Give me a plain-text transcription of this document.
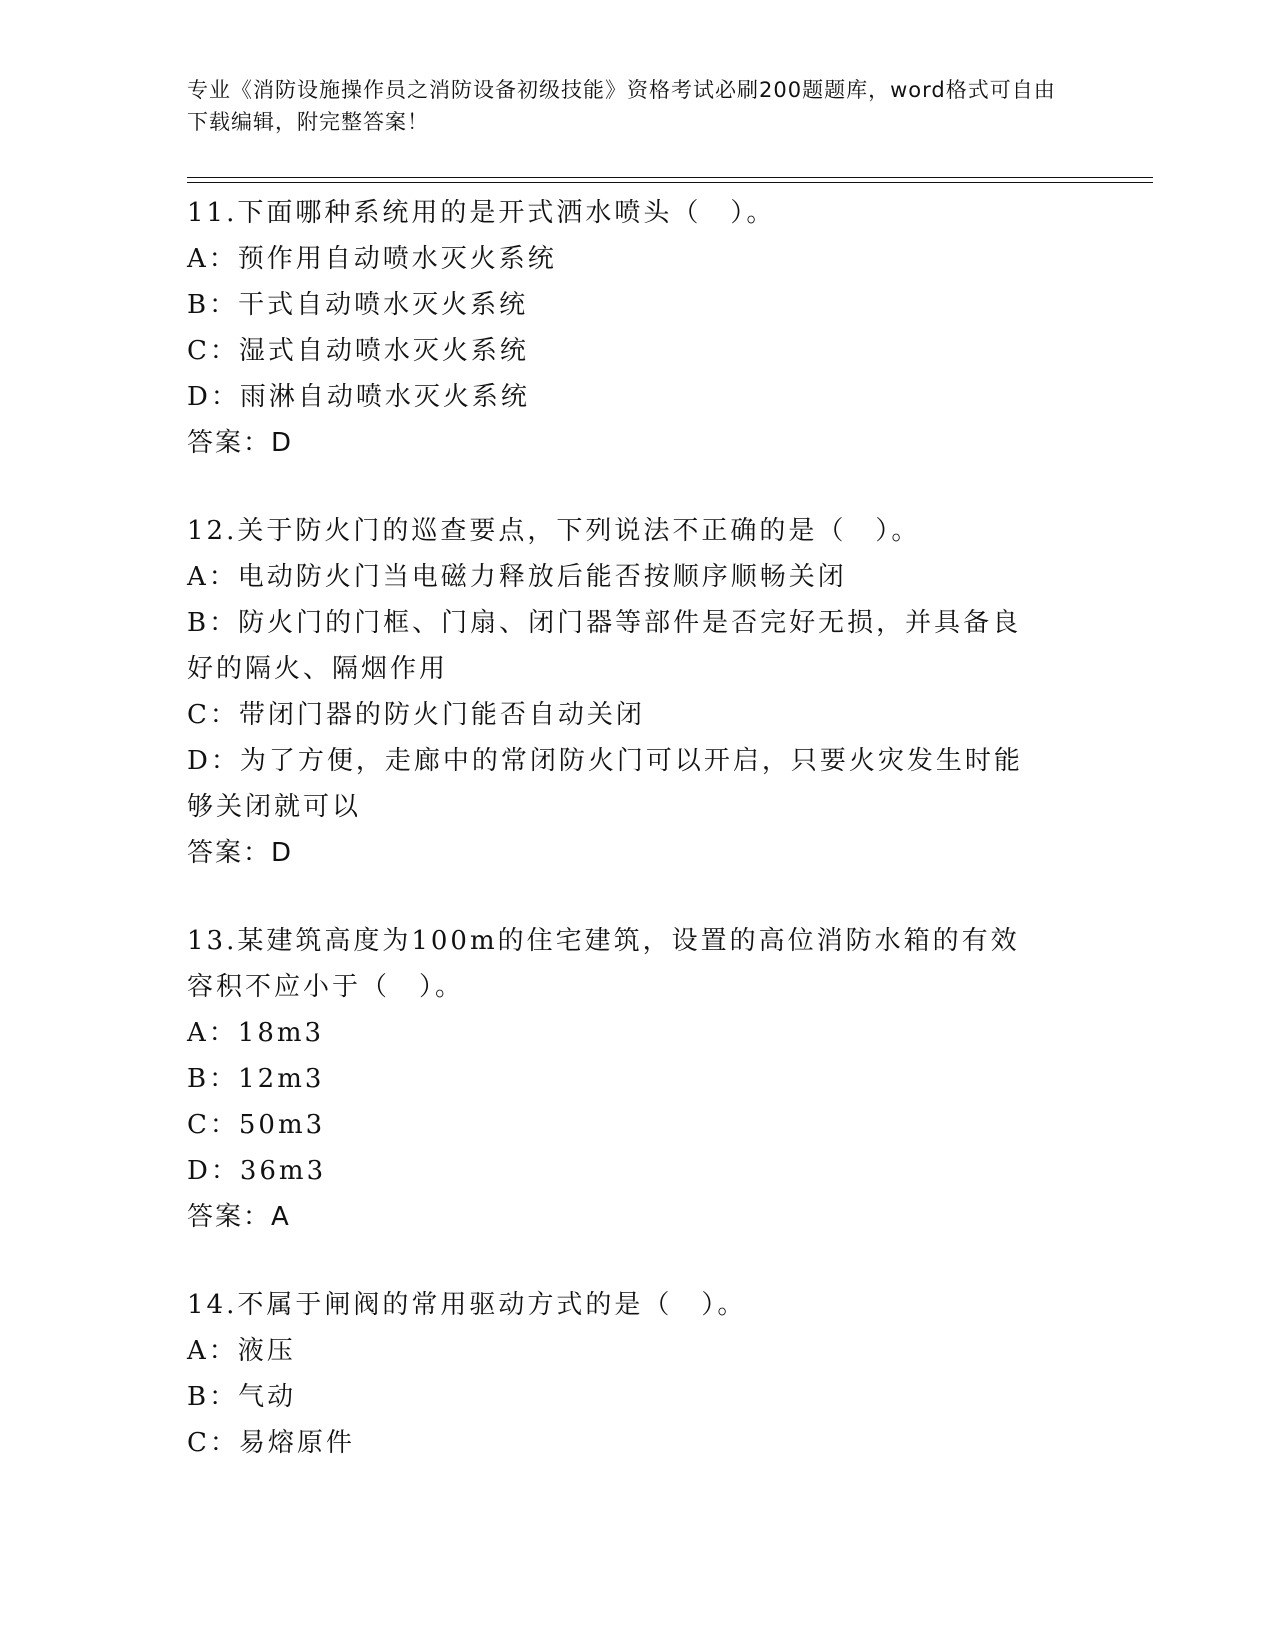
专业《消防设施操作员之消防设备初级技能》资格考试必刷200题题库，word格式可自由下载编辑，附完整答案！
11.下面哪种系统用的是开式洒水喷头（　）。
A：预作用自动喷水灭火系统
B：干式自动喷水灭火系统
C：湿式自动喷水灭火系统
D：雨淋自动喷水灭火系统
答案：D
12.关于防火门的巡查要点，下列说法不正确的是（　）。
A：电动防火门当电磁力释放后能否按顺序顺畅关闭
B：防火门的门框、门扇、闭门器等部件是否完好无损，并具备良好的隔火、隔烟作用
C：带闭门器的防火门能否自动关闭
D：为了方便，走廊中的常闭防火门可以开启，只要火灾发生时能够关闭就可以
答案：D
13.某建筑高度为100m的住宅建筑，设置的高位消防水箱的有效容积不应小于（　）。
A：18m3
B：12m3
C：50m3
D：36m3
答案：A
14.不属于闸阀的常用驱动方式的是（　）。
A：液压
B：气动
C：易熔原件
